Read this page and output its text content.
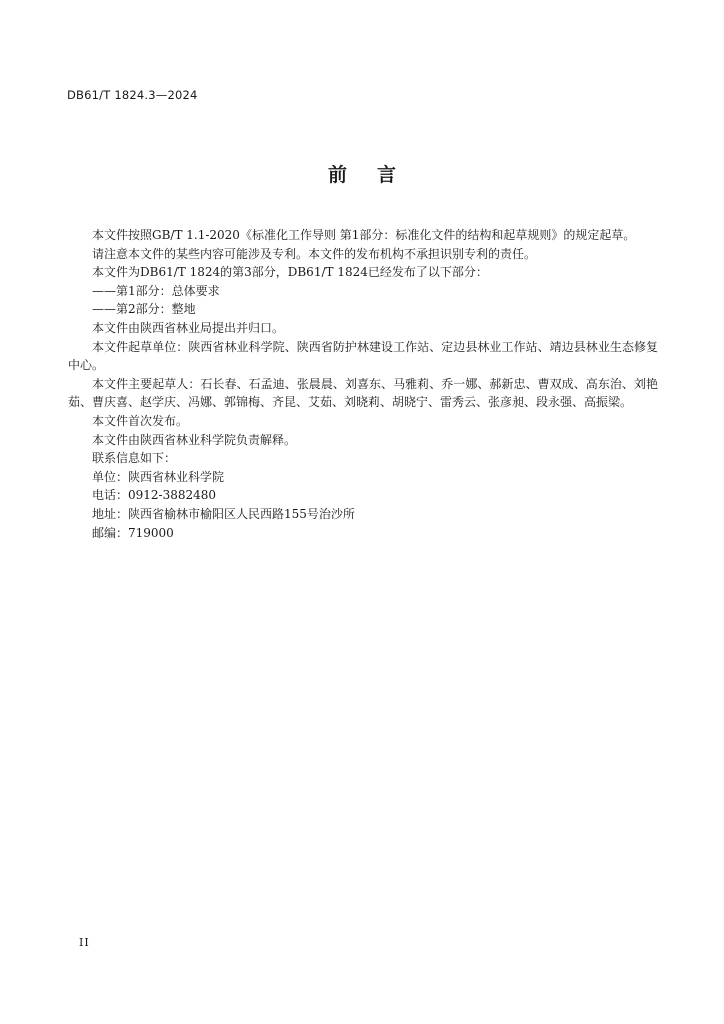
DB61/T 1824.3—2024
前言

本文件按照GB/T 1.1-2020《标准化工作导则 第1部分：标准化文件的结构和起草规则》的规定起草。

请注意本文件的某些内容可能涉及专利。本文件的发布机构不承担识别专利的责任。

本文件为DB61/T 1824的第3部分，DB61/T 1824已经发布了以下部分：

——第1部分：总体要求

——第2部分：整地

本文件由陕西省林业局提出并归口。

本文件起草单位：陕西省林业科学院、陕西省防护林建设工作站、定边县林业工作站、靖边县林业生态修复中心。

本文件主要起草人：石长春、石孟迪、张晨晨、刘喜东、马雅莉、乔一娜、郝新忠、曹双成、高东治、刘艳茹、曹庆喜、赵学庆、冯娜、郭锦梅、齐昆、艾茹、刘晓莉、胡晓宁、雷秀云、张彦昶、段永强、高振梁。

本文件首次发布。

本文件由陕西省林业科学院负责解释。

联系信息如下：

单位：陕西省林业科学院

电话：0912-3882480

地址：陕西省榆林市榆阳区人民西路155号治沙所

邮编：719000

II
